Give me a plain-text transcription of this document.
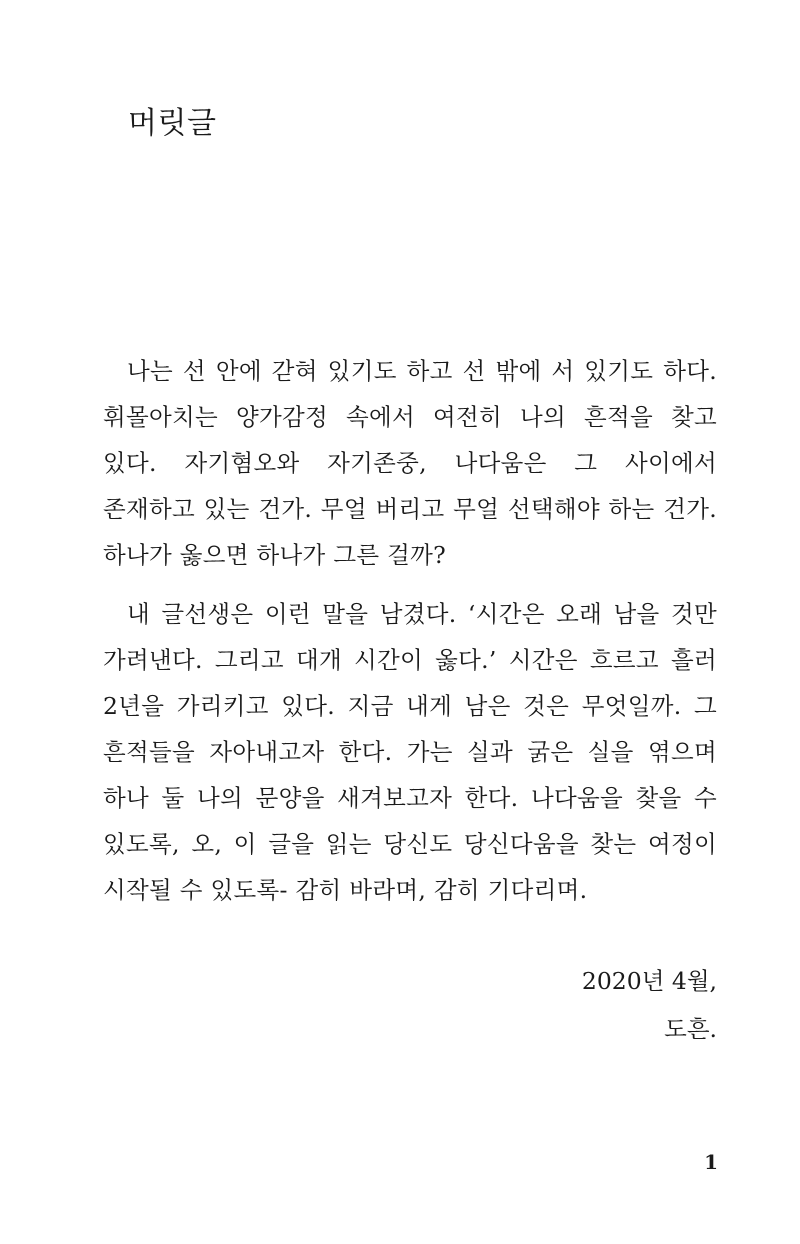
머릿글

나는 선 안에 갇혀 있기도 하고 선 밖에 서 있기도 하다. 휘몰아치는 양가감정 속에서 여전히 나의 흔적을 찾고 있다. 자기혐오와 자기존중, 나다움은 그 사이에서 존재하고 있는 건가. 무얼 버리고 무얼 선택해야 하는 건가. 하나가 옳으면 하나가 그른 걸까?

내 글선생은 이런 말을 남겼다. ‘시간은 오래 남을 것만 가려낸다. 그리고 대개 시간이 옳다.’ 시간은 흐르고 흘러 2년을 가리키고 있다. 지금 내게 남은 것은 무엇일까. 그 흔적들을 자아내고자 한다. 가는 실과 굵은 실을 엮으며 하나 둘 나의 문양을 새겨보고자 한다. 나다움을 찾을 수 있도록, 오, 이 글을 읽는 당신도 당신다움을 찾는 여정이 시작될 수 있도록- 감히 바라며, 감히 기다리며.

2020년 4월,

도흔.

1
